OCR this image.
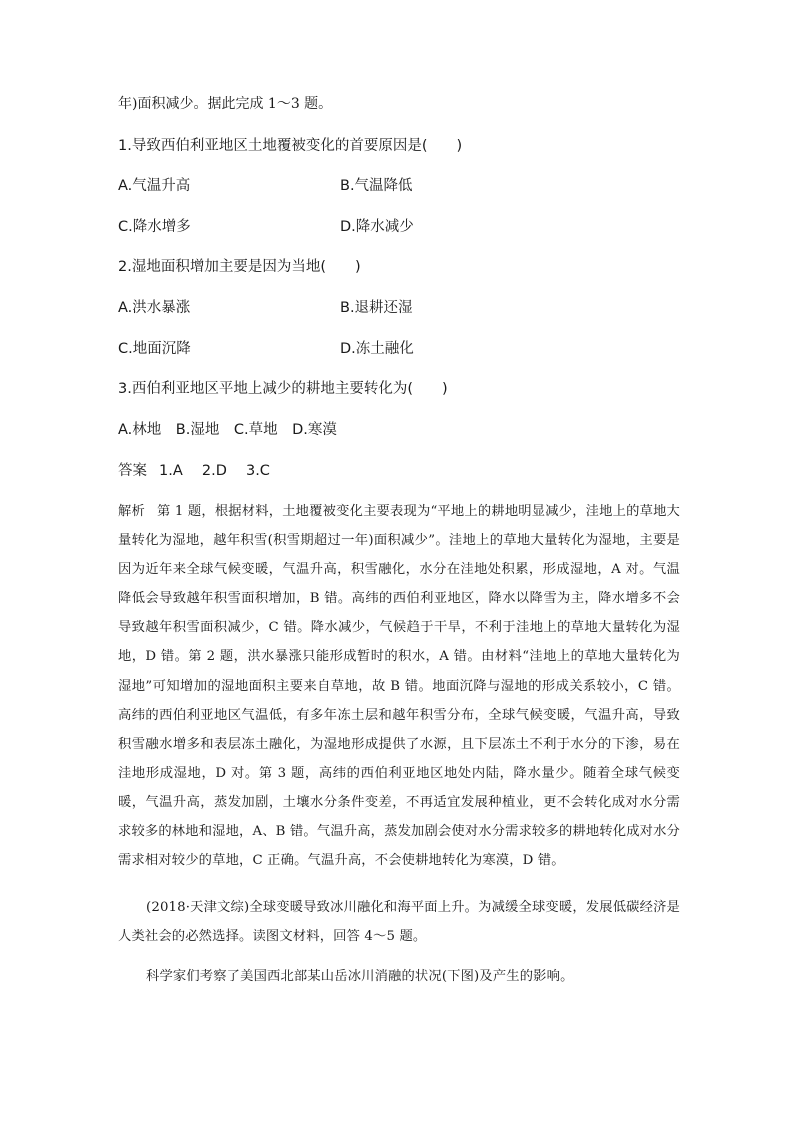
年)面积减少。据此完成 1～3 题。
1.导致西伯利亚地区土地覆被变化的首要原因是(　　)
A.气温升高	B.气温降低
C.降水增多	D.降水减少
2.湿地面积增加主要是因为当地(　　)
A.洪水暴涨	B.退耕还湿
C.地面沉降	D.冻土融化
3.西伯利亚地区平地上减少的耕地主要转化为(　　)
A.林地　B.湿地　C.草地　D.寒漠
答案 1.A　 2.D　 3.C
解析 第 1 题，根据材料，土地覆被变化主要表现为“平地上的耕地明显减少，洼地上的草地大量转化为湿地，越年积雪(积雪期超过一年)面积减少”。洼地上的草地大量转化为湿地，主要是因为近年来全球气候变暖，气温升高，积雪融化，水分在洼地处积累，形成湿地，A 对。气温降低会导致越年积雪面积增加，B 错。高纬的西伯利亚地区，降水以降雪为主，降水增多不会导致越年积雪面积减少，C 错。降水减少，气候趋于干旱，不利于洼地上的草地大量转化为湿地，D 错。第 2 题，洪水暴涨只能形成暂时的积水，A 错。由材料“洼地上的草地大量转化为湿地”可知增加的湿地面积主要来自草地，故 B 错。地面沉降与湿地的形成关系较小，C 错。高纬的西伯利亚地区气温低，有多年冻土层和越年积雪分布，全球气候变暖，气温升高，导致积雪融水增多和表层冻土融化，为湿地形成提供了水源，且下层冻土不利于水分的下渗，易在洼地形成湿地，D 对。第 3 题，高纬的西伯利亚地区地处内陆，降水量少。随着全球气候变暖，气温升高，蒸发加剧，土壤水分条件变差，不再适宜发展种植业，更不会转化成对水分需求较多的林地和湿地，A、B 错。气温升高，蒸发加剧会使对水分需求较多的耕地转化成对水分需求相对较少的草地，C 正确。气温升高，不会使耕地转化为寒漠，D 错。
(2018·天津文综)全球变暖导致冰川融化和海平面上升。为减缓全球变暖，发展低碳经济是人类社会的必然选择。读图文材料，回答 4～5 题。
科学家们考察了美国西北部某山岳冰川消融的状况(下图)及产生的影响。
